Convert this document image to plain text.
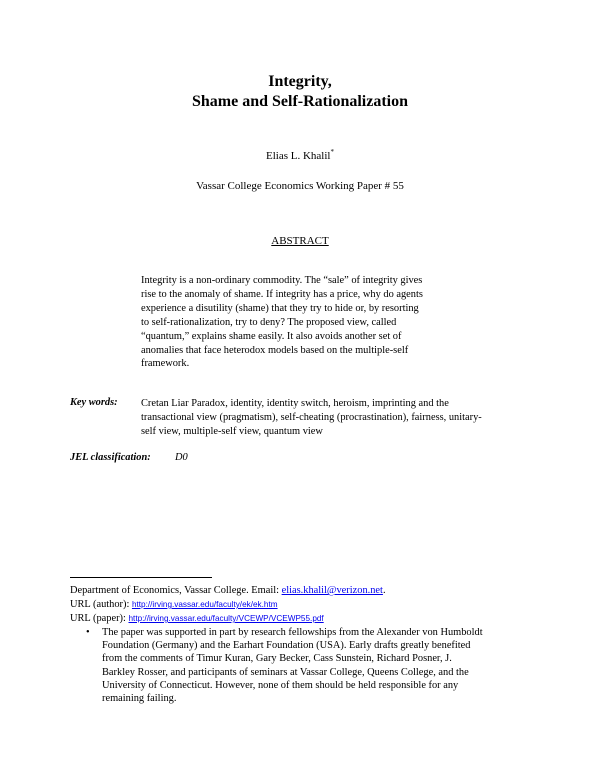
Integrity,
Shame and Self-Rationalization
Elias L. Khalil*
Vassar College Economics Working Paper # 55
ABSTRACT
Integrity is a non-ordinary commodity. The “sale” of integrity gives
rise to the anomaly of shame. If integrity has a price, why do agents
experience a disutility (shame) that they try to hide or, by resorting
to self-rationalization, try to deny? The proposed view, called
“quantum,” explains shame easily. It also avoids another set of
anomalies that face heterodox models based on the multiple-self
framework.
Key words: Cretan Liar Paradox, identity, identity switch, heroism, imprinting and the
transactional view (pragmatism), self-cheating (procrastination), fairness, unitary-
self view, multiple-self view, quantum view
JEL classification: D0
Department of Economics, Vassar College. Email: elias.khalil@verizon.net.
URL (author): http://irving.vassar.edu/faculty/ek/ek.htm
URL (paper): http://irving.vassar.edu/faculty/VCEWP/VCEWP55.pdf
• The paper was supported in part by research fellowships from the Alexander von Humboldt
Foundation (Germany) and the Earhart Foundation (USA). Early drafts greatly benefited
from the comments of Timur Kuran, Gary Becker, Cass Sunstein, Richard Posner, J.
Barkley Rosser, and participants of seminars at Vassar College, Queens College, and the
University of Connecticut. However, none of them should be held responsible for any
remaining failing.
